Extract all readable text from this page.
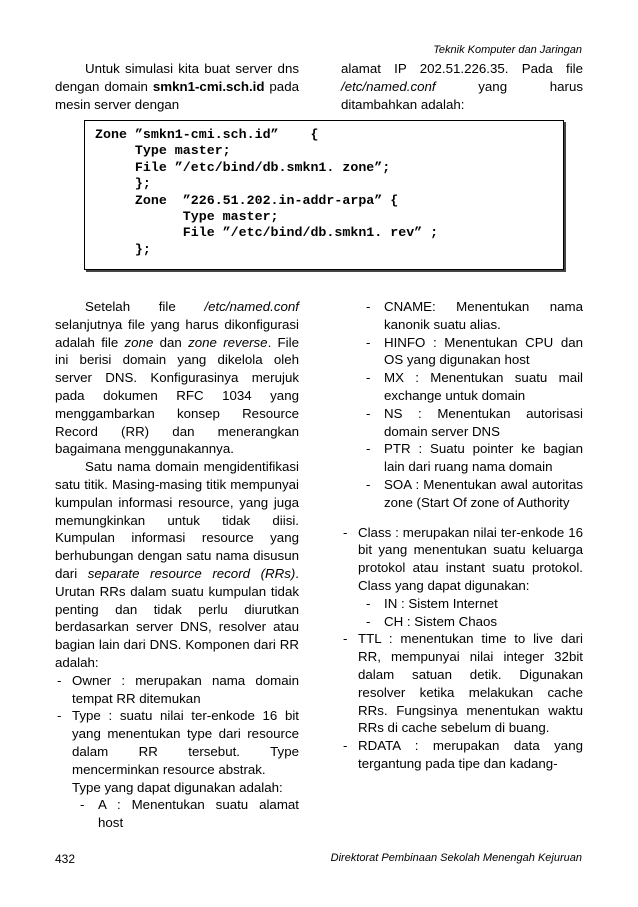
Teknik Komputer dan Jaringan

Untuk simulasi kita buat server dns dengan domain smkn1-cmi.sch.id pada mesin server dengan

alamat IP 202.51.226.35. Pada file /etc/named.conf yang harus ditambahkan adalah:

Zone ”smkn1-cmi.sch.id”    {
Type master;
File ”/etc/bind/db.smkn1. zone”;
};
Zone  ”226.51.202.in-addr-arpa” {
Type master;
File ”/etc/bind/db.smkn1. rev” ;
};

Setelah file /etc/named.conf selanjutnya file yang harus dikonfigurasi adalah file zone dan zone reverse. File ini berisi domain yang dikelola oleh server DNS. Konfigurasinya merujuk pada dokumen RFC 1034 yang menggambarkan konsep Resource Record (RR) dan menerangkan bagaimana menggunakannya.

Satu nama domain mengidentifikasi satu titik. Masing-masing titik mempunyai kumpulan informasi resource, yang juga memungkinkan untuk tidak diisi. Kumpulan informasi resource yang berhubungan dengan satu nama disusun dari separate resource record (RRs). Urutan RRs dalam suatu kumpulan tidak penting dan tidak perlu diurutkan berdasarkan server DNS, resolver atau bagian lain dari DNS. Komponen dari RR adalah:

- Owner : merupakan nama domain tempat RR ditemukan
- Type : suatu nilai ter-enkode 16 bit yang menentukan type dari resource dalam RR tersebut. Type mencerminkan resource abstrak.
Type yang dapat digunakan adalah:
- A : Menentukan suatu alamat host
- CNAME: Menentukan nama kanonik suatu alias.
- HINFO : Menentukan CPU dan OS yang digunakan host
- MX : Menentukan suatu mail exchange untuk domain
- NS : Menentukan autorisasi domain server DNS
- PTR : Suatu pointer ke bagian lain dari ruang nama domain
- SOA : Menentukan awal autoritas zone (Start Of zone of Authority
- Class : merupakan nilai ter-enkode 16 bit yang menentukan suatu keluarga protokol atau instant suatu protokol. Class yang dapat digunakan:
- IN : Sistem Internet
- CH : Sistem Chaos
- TTL : menentukan time to live dari RR, mempunyai nilai integer 32bit dalam satuan detik. Digunakan resolver ketika melakukan cache RRs. Fungsinya menentukan waktu RRs di cache sebelum di buang.
- RDATA : merupakan data yang tergantung pada tipe dan kadang-
432	Direktorat Pembinaan Sekolah Menengah Kejuruan
